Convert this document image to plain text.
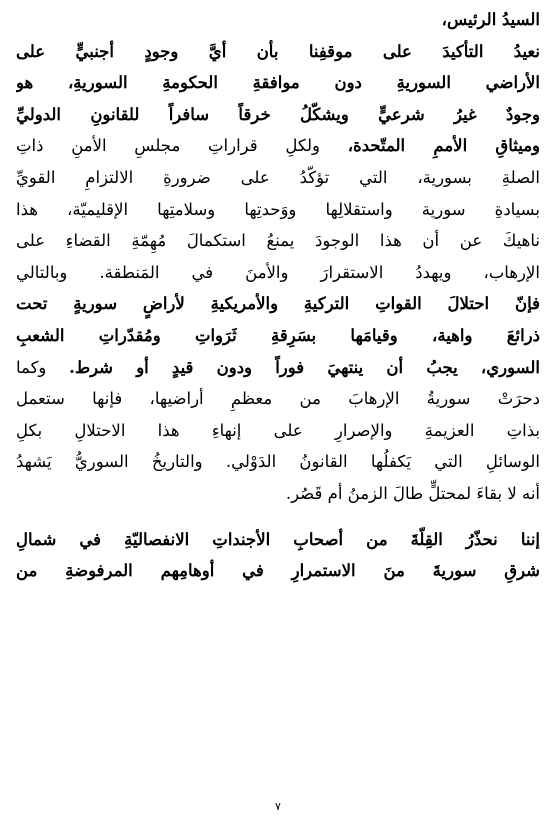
السيدُ الرئيس،
نعيدُ التأكيدَ على موقفِنا بأن أيَّ وجودٍ أجنبيٍّ على
الأراضي السوريةِ دون موافقةِ الحكومةِ السوريةِ، هو
وجودٌ غيرُ شرعيٍّ ويشكّلُ خرقاً سافراً للقانونِ الدوليِّ
وميثاقِ الأممِ المتّحدة، ولكلِ قراراتِ مجلسِ الأمنِ ذاتِ
الصلةِ بسورية، التي تؤكّدُ على ضرورةِ الالتزامِ القويِّ
بسيادةِ سورية واستقلالِها ووَحدتِها وسلامتِها الإقليميّة، هذا
ناهيكَ عن أن هذا الوجودَ يمنعُ استكمالَ مُهِمّةِ القضاءِ على
الإرهاب، ويهددُ الاستقرارَ والأمنَ في المَنطقة. وبالتالي
فإنّ احتلالَ القواتِ التركيةِ والأمريكيةِ لأراضٍ سوريةٍ تحت
ذرائعَ واهية، وقيامَها بسَرِقةِ ثَرَواتِ ومُقدّراتِ الشعبِ
السوري، يجبُ أن ينتهيَ فوراً ودون قيدٍ أو شرط. وكما
دحرَتْ سوريةُ الإرهابَ من معظمِ أراضيها، فإنها ستعمل
بذاتِ العزيمةِ والإصرارِ على إنهاءِ هذا الاحتلالِ بكلِ
الوسائلِ التي يَكفلُها القانونُ الدَوْلي. والتاريخُ السوريُّ يَشهدُ
أنه لا بقاءَ لمحتلٍّ طالَ الزمنُ أم قَصُر.
إننا نحذّرُ القِلّةَ من أصحابِ الأجنداتِ الانفصاليّةِ في شمالِ
شرقِ سوريةَ منَ الاستمرارِ في أوهامِهم المرفوضةِ من
٧
